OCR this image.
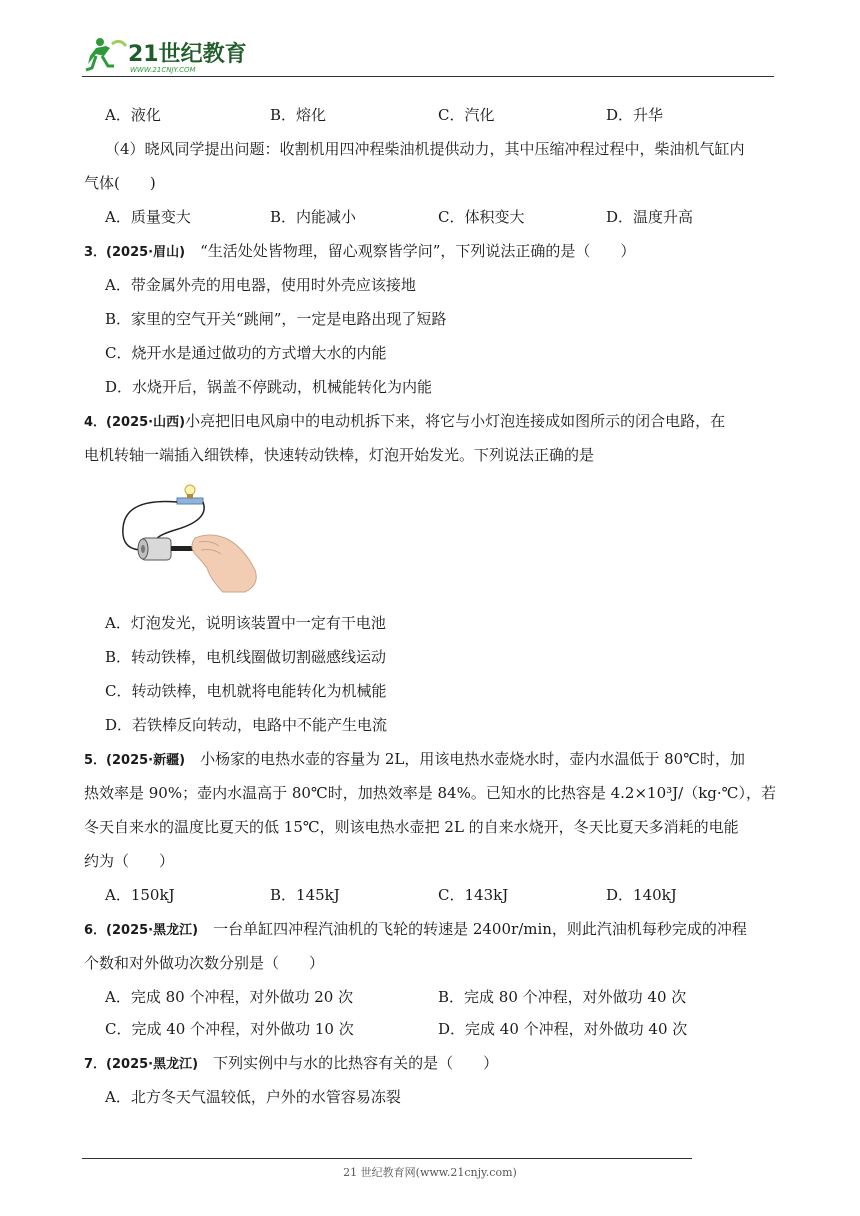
21世纪教育
WWW.21CNJY.COM
A．液化	B．熔化	C．汽化	D．升华
（4）晓风同学提出问题：收割机用四冲程柴油机提供动力，其中压缩冲程过程中，柴油机气缸内
气体(　　)
A．质量变大	B．内能减小	C．体积变大	D．温度升高
3．(2025·眉山)　 “生活处处皆物理，留心观察皆学问”，下列说法正确的是（　　）
A．带金属外壳的用电器，使用时外壳应该接地
B．家里的空气开关“跳闸”，一定是电路出现了短路
C．烧开水是通过做功的方式增大水的内能
D．水烧开后，锅盖不停跳动，机械能转化为内能
4．(2025·山西)小亮把旧电风扇中的电动机拆下来，将它与小灯泡连接成如图所示的闭合电路，在
电机转轴一端插入细铁棒，快速转动铁棒，灯泡开始发光。下列说法正确的是
A．灯泡发光，说明该装置中一定有干电池
B．转动铁棒，电机线圈做切割磁感线运动
C．转动铁棒，电机就将电能转化为机械能
D．若铁棒反向转动，电路中不能产生电流
5．(2025·新疆)　 小杨家的电热水壶的容量为 2L，用该电热水壶烧水时，壶内水温低于 80℃时，加
热效率是 90%；壶内水温高于 80℃时，加热效率是 84%。已知水的比热容是 4.2×10³J/（kg·℃），若
冬天自来水的温度比夏天的低 15℃，则该电热水壶把 2L 的自来水烧开，冬天比夏天多消耗的电能
约为（　　）
A．150kJ	B．145kJ	C．143kJ	D．140kJ
6．(2025·黑龙江)　 一台单缸四冲程汽油机的飞轮的转速是 2400r/min，则此汽油机每秒完成的冲程
个数和对外做功次数分别是（　　）
A．完成 80 个冲程，对外做功 20 次	B．完成 80 个冲程，对外做功 40 次
C．完成 40 个冲程，对外做功 10 次	D．完成 40 个冲程，对外做功 40 次
7．(2025·黑龙江)　 下列实例中与水的比热容有关的是（　　）
A．北方冬天气温较低，户外的水管容易冻裂
21 世纪教育网(www.21cnjy.com)
